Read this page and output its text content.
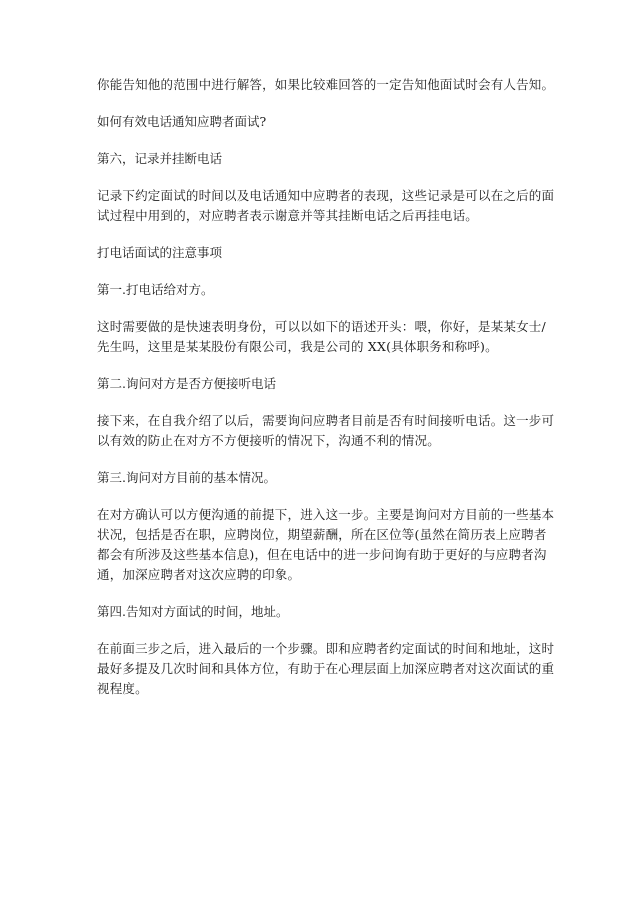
你能告知他的范围中进行解答，如果比较难回答的一定告知他面试时会有人告知。

如何有效电话通知应聘者面试?

第六，记录并挂断电话

记录下约定面试的时间以及电话通知中应聘者的表现，这些记录是可以在之后的面试过程中用到的，对应聘者表示谢意并等其挂断电话之后再挂电话。

打电话面试的注意事项

第一.打电话给对方。

这时需要做的是快速表明身份，可以以如下的语述开头：喂，你好，是某某女士/先生吗，这里是某某股份有限公司，我是公司的 XX(具体职务和称呼)。

第二.询问对方是否方便接听电话

接下来，在自我介绍了以后，需要询问应聘者目前是否有时间接听电话。这一步可以有效的防止在对方不方便接听的情况下，沟通不利的情况。

第三.询问对方目前的基本情况。

在对方确认可以方便沟通的前提下，进入这一步。主要是询问对方目前的一些基本状况，包括是否在职，应聘岗位，期望薪酬，所在区位等(虽然在简历表上应聘者都会有所涉及这些基本信息)，但在电话中的进一步问询有助于更好的与应聘者沟通，加深应聘者对这次应聘的印象。

第四.告知对方面试的时间，地址。

在前面三步之后，进入最后的一个步骤。即和应聘者约定面试的时间和地址，这时最好多提及几次时间和具体方位，有助于在心理层面上加深应聘者对这次面试的重视程度。
